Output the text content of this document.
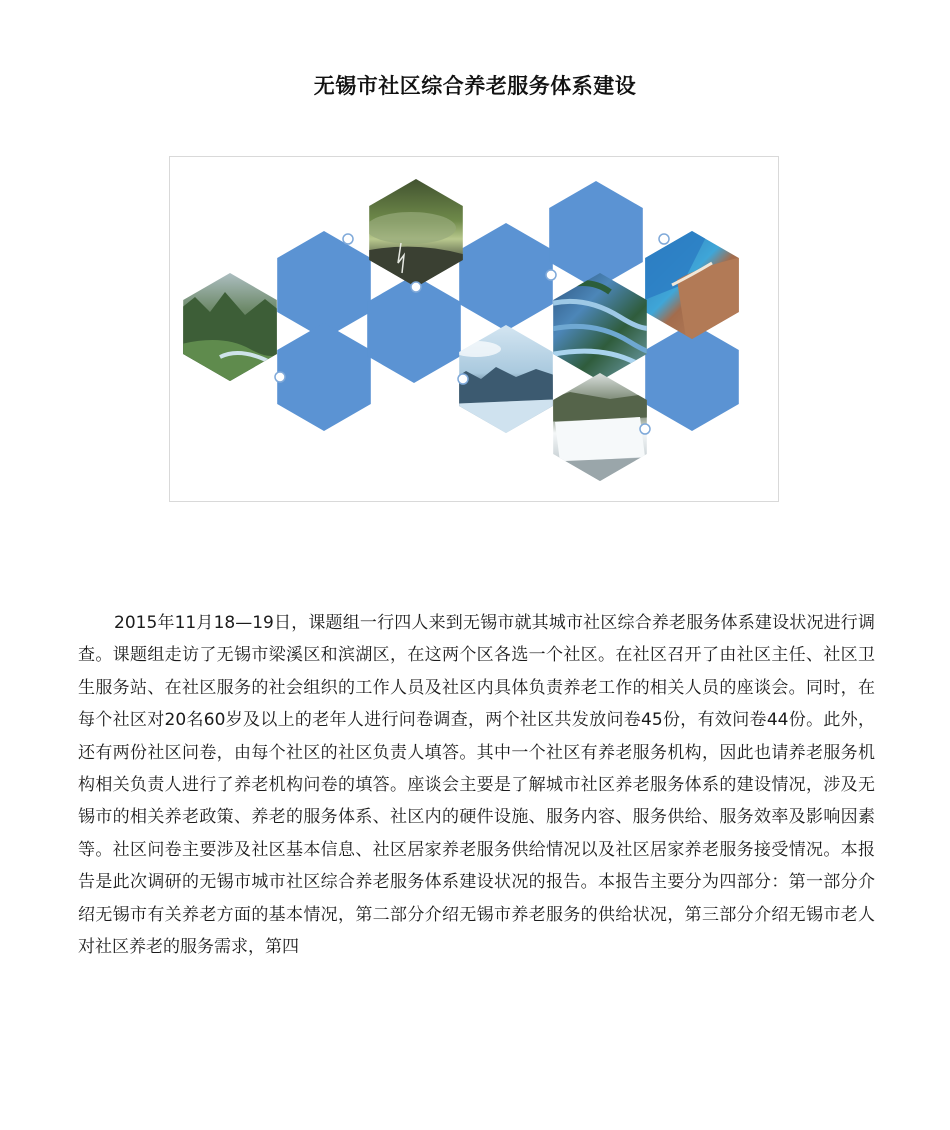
无锡市社区综合养老服务体系建设

2015年11月18—19日，课题组一行四人来到无锡市就其城市社区综合养老服务体系建设状况进行调查。课题组走访了无锡市梁溪区和滨湖区，在这两个区各选一个社区。在社区召开了由社区主任、社区卫生服务站、在社区服务的社会组织的工作人员及社区内具体负责养老工作的相关人员的座谈会。同时，在每个社区对20名60岁及以上的老年人进行问卷调查，两个社区共发放问卷45份，有效问卷44份。此外，还有两份社区问卷，由每个社区的社区负责人填答。其中一个社区有养老服务机构，因此也请养老服务机构相关负责人进行了养老机构问卷的填答。座谈会主要是了解城市社区养老服务体系的建设情况，涉及无锡市的相关养老政策、养老的服务体系、社区内的硬件设施、服务内容、服务供给、服务效率及影响因素等。社区问卷主要涉及社区基本信息、社区居家养老服务供给情况以及社区居家养老服务接受情况。本报告是此次调研的无锡市城市社区综合养老服务体系建设状况的报告。本报告主要分为四部分：第一部分介绍无锡市有关养老方面的基本情况，第二部分介绍无锡市养老服务的供给状况，第三部分介绍无锡市老人对社区养老的服务需求，第四
